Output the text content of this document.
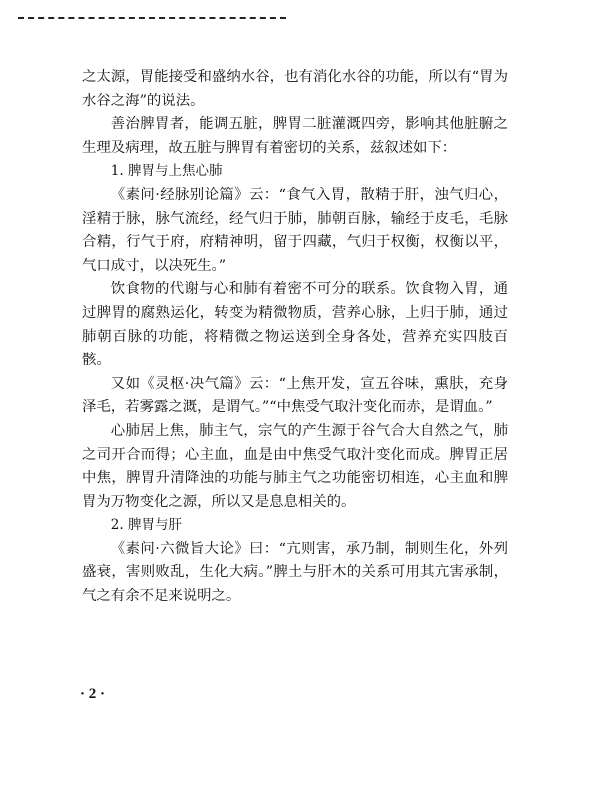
之太源，胃能接受和盛纳水谷，也有消化水谷的功能，所以有“胃为水谷之海”的说法。

善治脾胃者，能调五脏，脾胃二脏灌溉四旁，影响其他脏腑之生理及病理，故五脏与脾胃有着密切的关系，兹叙述如下：

1. 脾胃与上焦心肺

《素问·经脉别论篇》云：“食气入胃，散精于肝，浊气归心，淫精于脉，脉气流经，经气归于肺，肺朝百脉，输经于皮毛，毛脉合精，行气于府，府精神明，留于四藏，气归于权衡，权衡以平，气口成寸，以决死生。”

饮食物的代谢与心和肺有着密不可分的联系。饮食物入胃，通过脾胃的腐熟运化，转变为精微物质，营养心脉，上归于肺，通过肺朝百脉的功能，将精微之物运送到全身各处，营养充实四肢百骸。

又如《灵枢·决气篇》云：“上焦开发，宣五谷味，熏肤，充身泽毛，若雾露之溉，是谓气。”“中焦受气取汁变化而赤，是谓血。”

心肺居上焦，肺主气，宗气的产生源于谷气合大自然之气，肺之司开合而得；心主血，血是由中焦受气取汁变化而成。脾胃正居中焦，脾胃升清降浊的功能与肺主气之功能密切相连，心主血和脾胃为万物变化之源，所以又是息息相关的。

2. 脾胃与肝

《素问·六微旨大论》曰：“亢则害，承乃制，制则生化，外列盛衰，害则败乱，生化大病。”脾土与肝木的关系可用其亢害承制，气之有余不足来说明之。

· 2 ·
